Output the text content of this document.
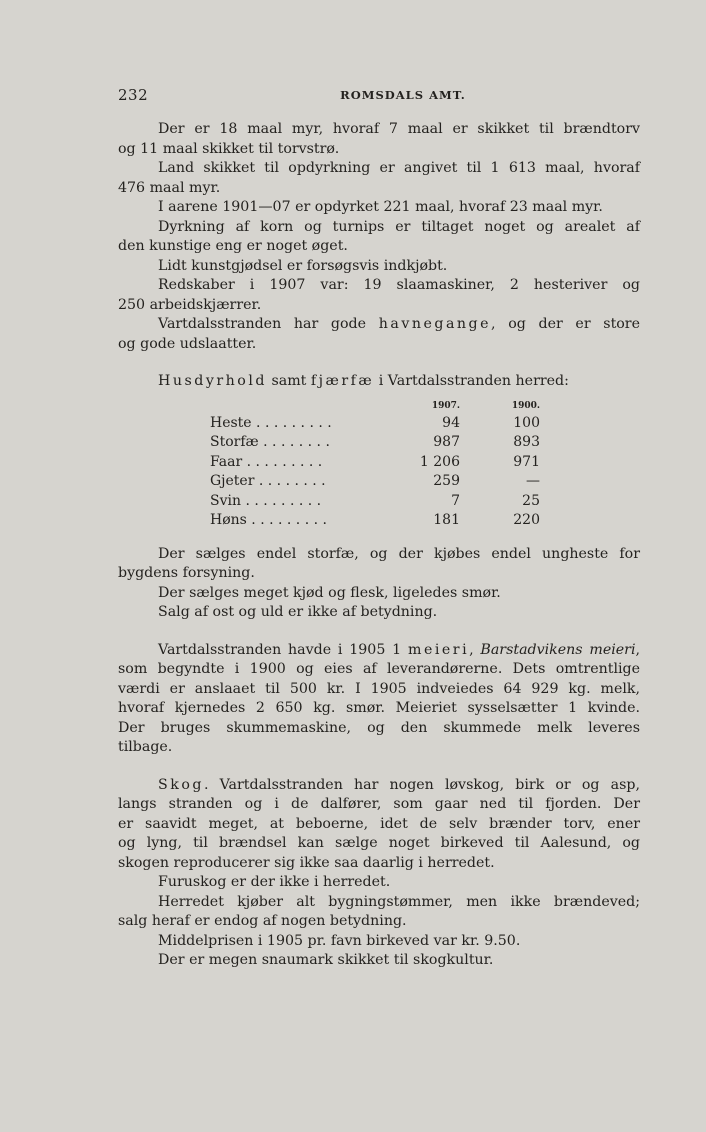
232	ROMSDALS AMT.
Der er 18 maal myr, hvoraf 7 maal er skikket til brændtorv
og 11 maal skikket til torvstrø.
Land skikket til opdyrkning er angivet til 1 613 maal, hvoraf
476 maal myr.
I aarene 1901—07 er opdyrket 221 maal, hvoraf 23 maal myr.
Dyrkning af korn og turnips er tiltaget noget og arealet af
den kunstige eng er noget øget.
Lidt kunstgjødsel er forsøgsvis indkjøbt.
Redskaber i 1907 var: 19 slaamaskiner, 2 hesteriver og
250 arbeidskjærrer.
Vartdalsstranden har gode havnegange, og der er store
og gode udslaatter.
Husdyrhold samt fjærfæ i Vartdalsstranden herred:
1907.	1900.
Heste . . . . . . . . .	94	100
Storfæ . . . . . . . .	987	893
Faar . . . . . . . . .	1 206	971
Gjeter . . . . . . . .	259	—
Svin . . . . . . . . .	7	25
Høns . . . . . . . . .	181	220
Der sælges endel storfæ, og der kjøbes endel ungheste for
bygdens forsyning.
Der sælges meget kjød og flesk, ligeledes smør.
Salg af ost og uld er ikke af betydning.
Vartdalsstranden havde i 1905 1 meieri, Barstadvikens meieri,
som begyndte i 1900 og eies af leverandørerne. Dets omtrentlige
værdi er anslaaet til 500 kr. I 1905 indveiedes 64 929 kg. melk,
hvoraf kjernedes 2 650 kg. smør. Meieriet sysselsætter 1 kvinde.
Der bruges skummemaskine, og den skummede melk leveres
tilbage.
Skog. Vartdalsstranden har nogen løvskog, birk or og asp,
langs stranden og i de dalfører, som gaar ned til fjorden. Der
er saavidt meget, at beboerne, idet de selv brænder torv, ener
og lyng, til brændsel kan sælge noget birkeved til Aalesund, og
skogen reproducerer sig ikke saa daarlig i herredet.
Furuskog er der ikke i herredet.
Herredet kjøber alt bygningstømmer, men ikke brændeved;
salg heraf er endog af nogen betydning.
Middelprisen i 1905 pr. favn birkeved var kr. 9.50.
Der er megen snaumark skikket til skogkultur.
